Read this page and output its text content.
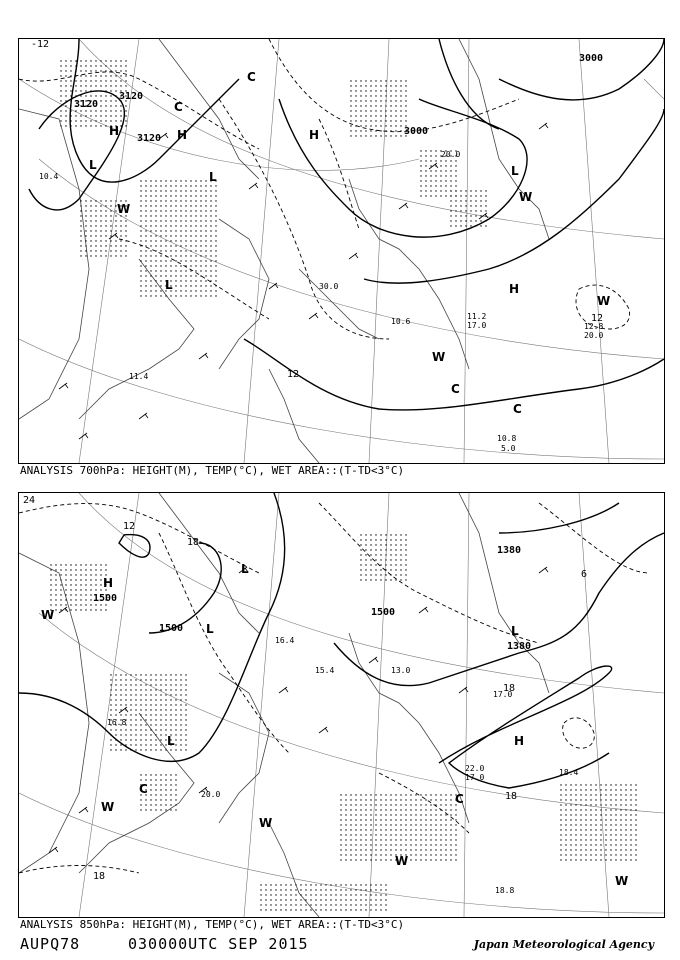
3120
3120
3120
3000
3000
-12
12
12
H	H	H
H
L
L
L
L
C
C
C
C
W
W
W
W
10.4
5.0
11.4
10.6
11.2
17.0
10.8
12.8
20.0
30.0
20.0
ANALYSIS 700hPa: HEIGHT(M), TEMP(°C), WET AREA::(T-TD<3°C)
1500
1500
1500
1380
1380
24
18
18
18
18
12
6
H
H
L
L
L
L
C
C
W
W
W
W
W
20.0
22.0
17.0
18.4
16.8
18.8
17.0
13.0
16.4
15.4
ANALYSIS 850hPa: HEIGHT(M), TEMP(°C), WET AREA::(T-TD<3°C)
AUPQ78	030000UTC SEP 2015	Japan Meteorological Agency
